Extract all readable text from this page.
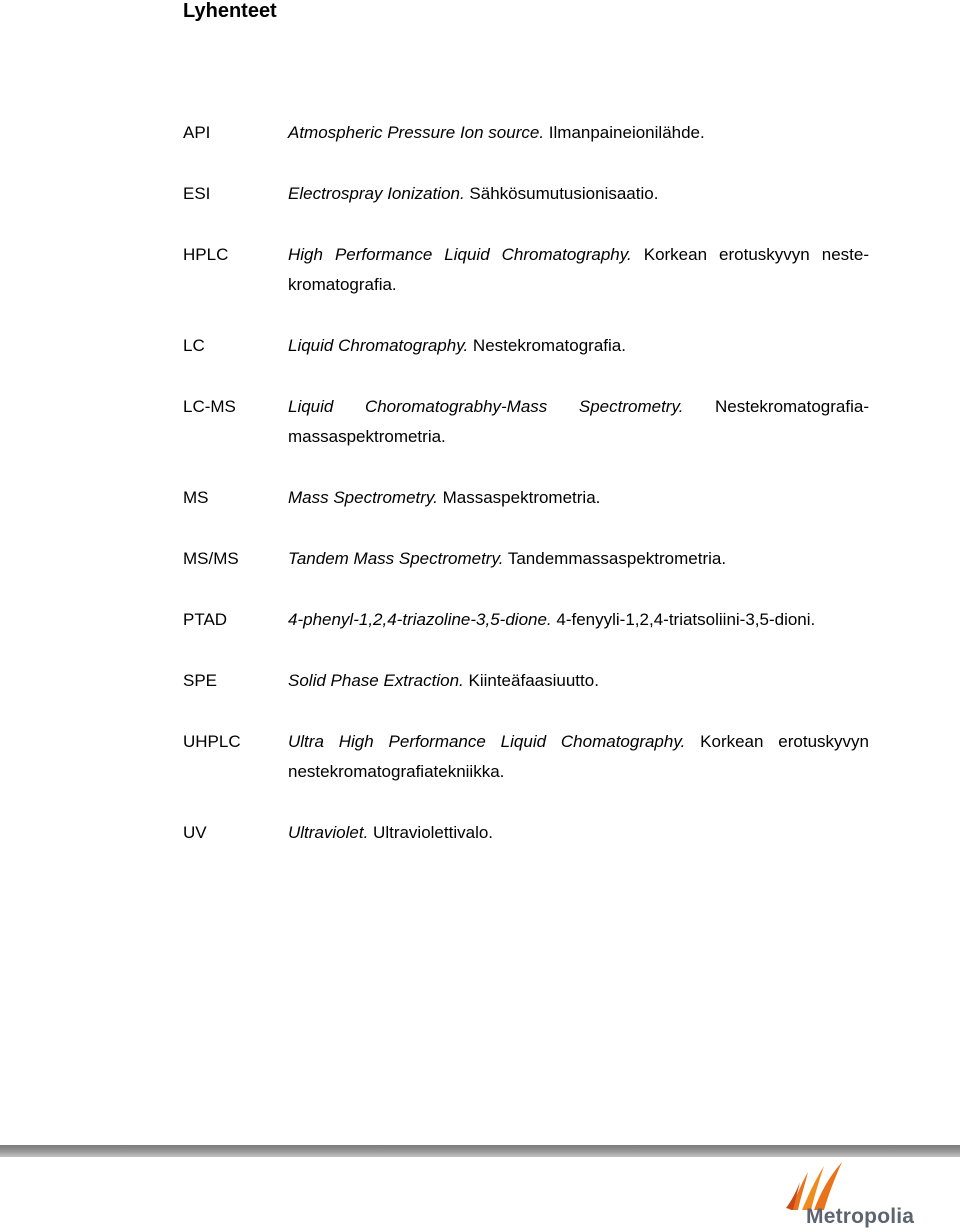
Lyhenteet
API	Atmospheric Pressure Ion source. Ilmanpaineionilähde.
ESI	Electrospray Ionization. Sähkösumutusionisaatio.
HPLC	High Performance Liquid Chromatography. Korkean erotuskyvyn neste-kromatografia.
LC	Liquid Chromatography. Nestekromatografia.
LC-MS	Liquid Choromatograbhy-Mass Spectrometry. Nestekromatografia-massaspektrometria.
MS	Mass Spectrometry. Massaspektrometria.
MS/MS	Tandem Mass Spectrometry. Tandemmassaspektrometria.
PTAD	4-phenyl-1,2,4-triazoline-3,5-dione. 4-fenyyli-1,2,4-triatsoliini-3,5-dioni.
SPE	Solid Phase Extraction. Kiinteäfaasiuutto.
UHPLC	Ultra High Performance Liquid Chomatography. Korkean erotuskyvyn nestekromatografiatekniikka.
UV	Ultraviolet. Ultraviolettivalo.
Metropolia
